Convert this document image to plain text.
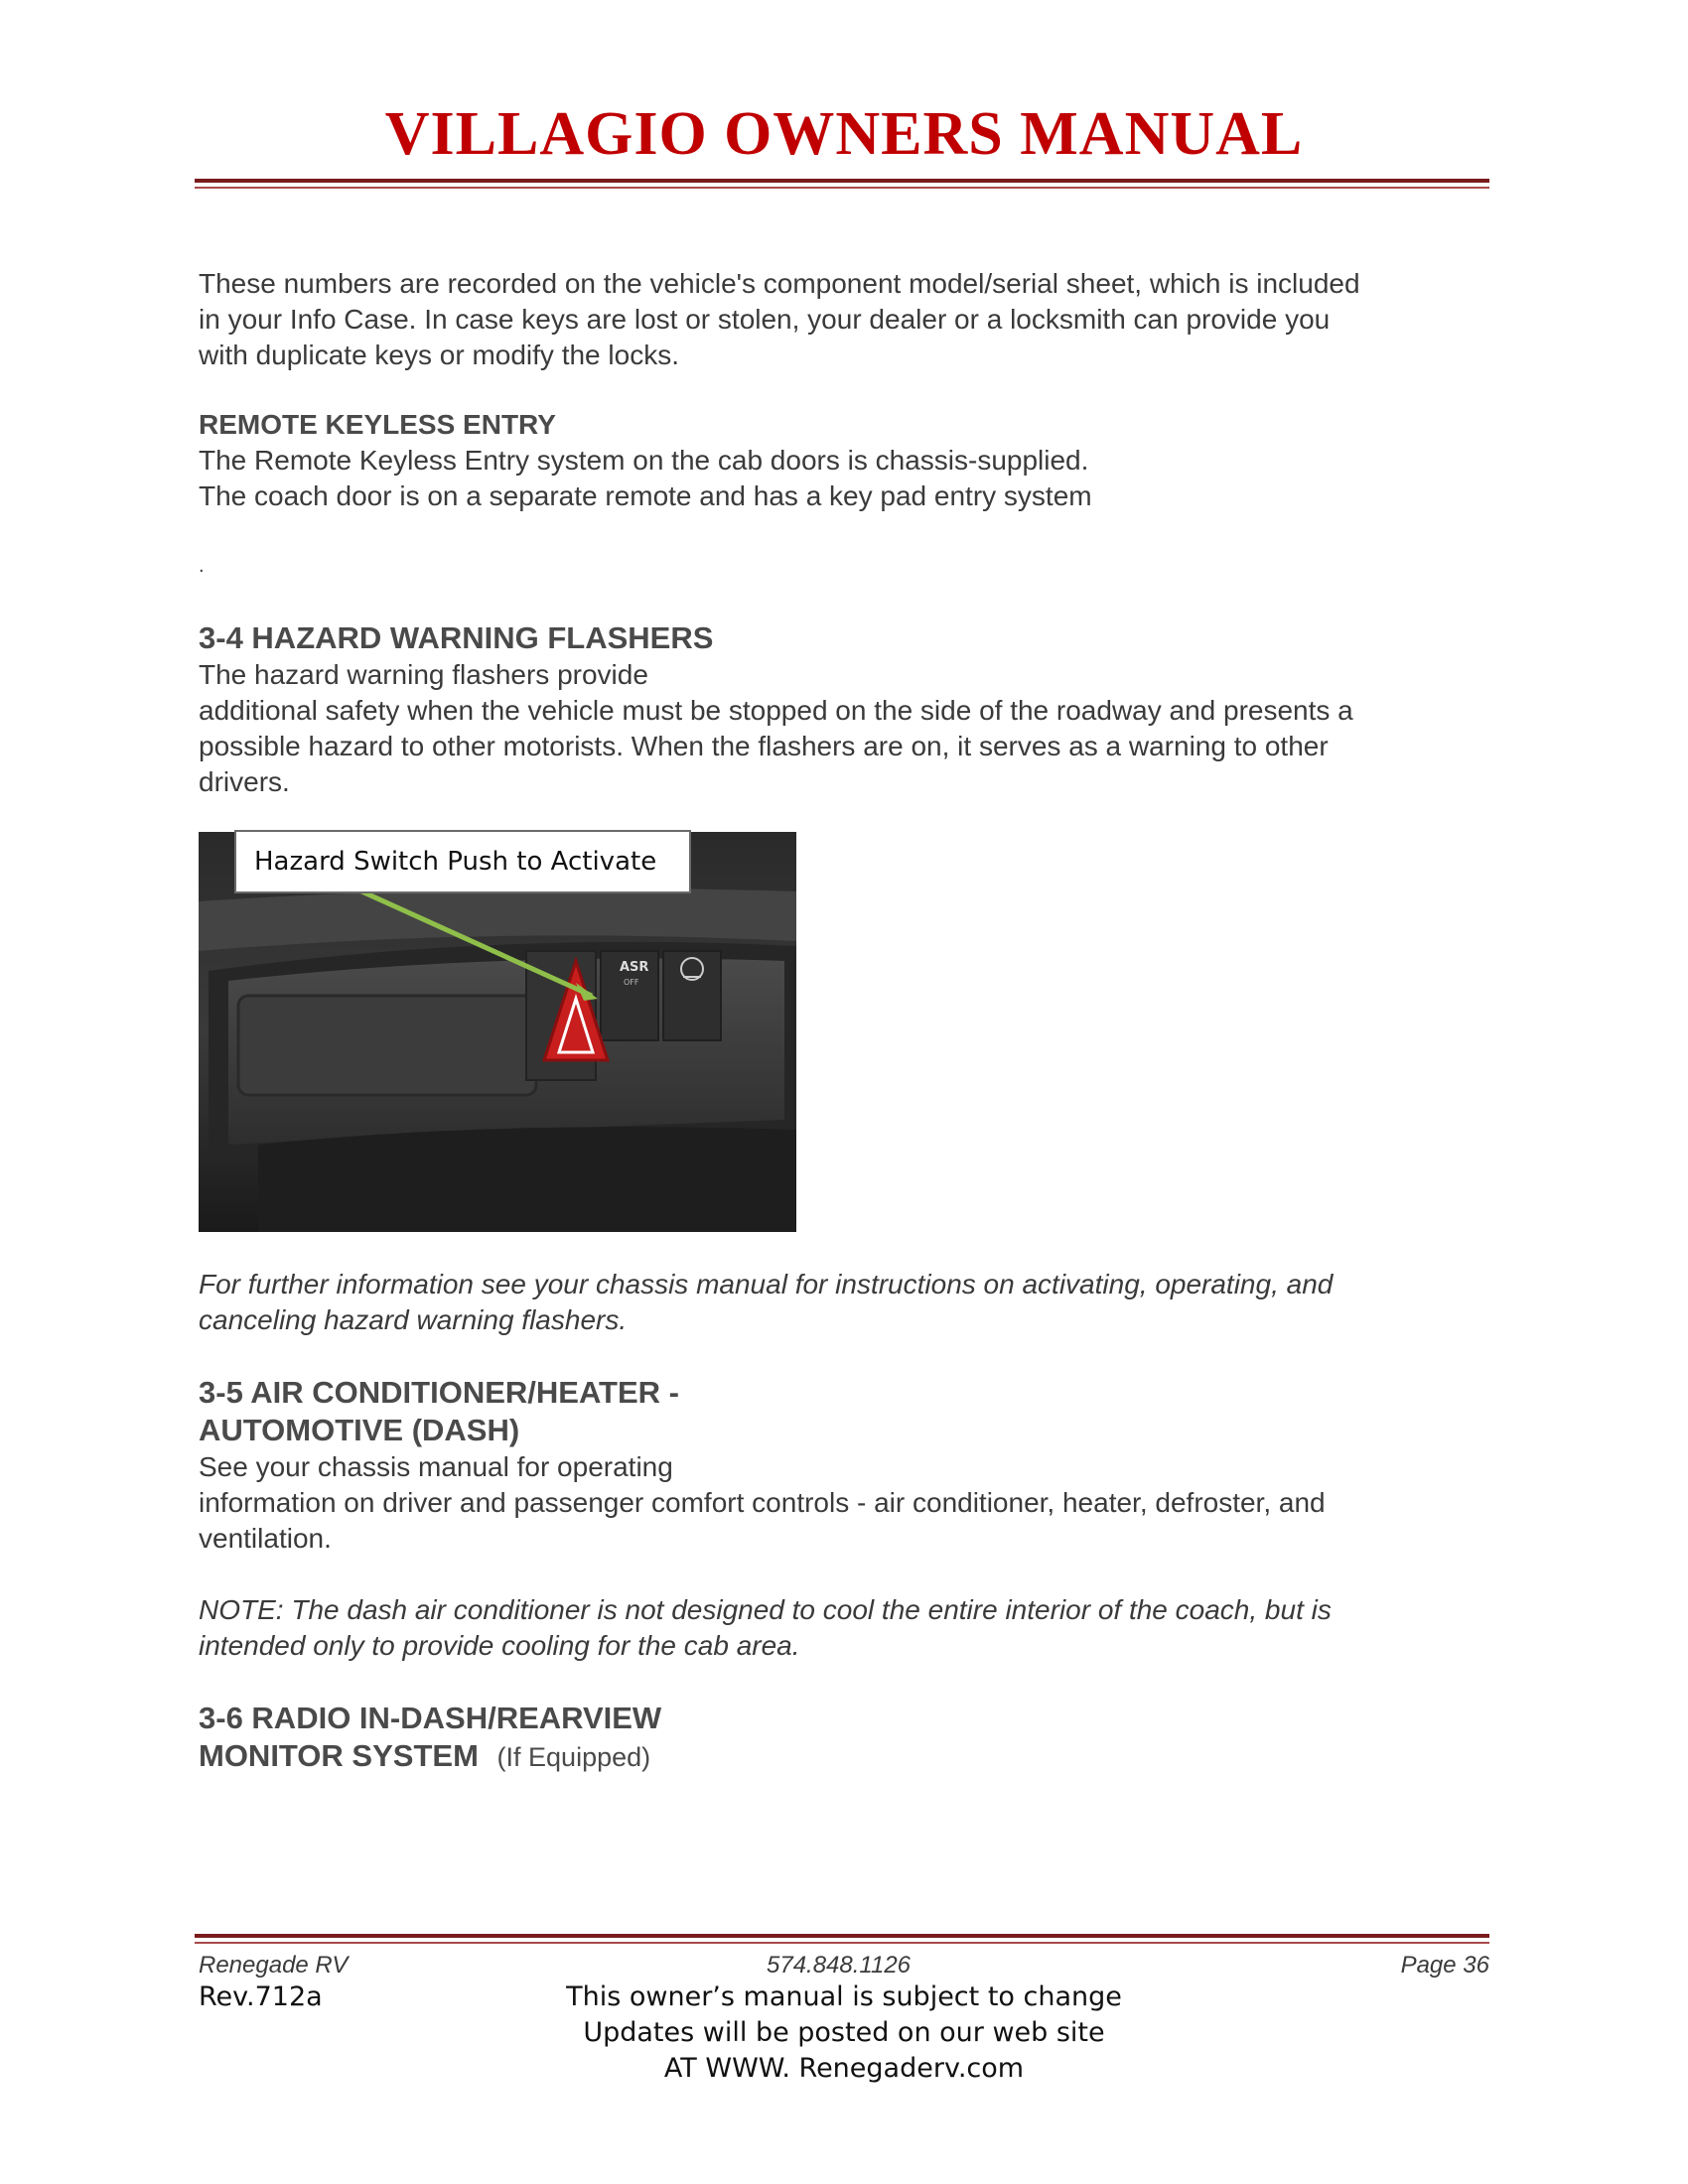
VILLAGIO OWNERS MANUAL
These numbers are recorded on the vehicle's component model/serial sheet, which is included
in your Info Case. In case keys are lost or stolen, your dealer or a locksmith can provide you
with duplicate keys or modify the locks.
REMOTE KEYLESS ENTRY
The Remote Keyless Entry system on the cab doors is chassis-supplied.
The coach door is on a separate remote and has a key pad entry system
.
3-4 HAZARD WARNING FLASHERS
The hazard warning flashers provide
additional safety when the vehicle must be stopped on the side of the roadway and presents a
possible hazard to other motorists. When the flashers are on, it serves as a warning to other
drivers.
ASR
OFF
Hazard Switch Push to Activate
For further information see your chassis manual for instructions on activating, operating, and
canceling hazard warning flashers.
3-5 AIR CONDITIONER/HEATER -
AUTOMOTIVE (DASH)
See your chassis manual for operating
information on driver and passenger comfort controls - air conditioner, heater, defroster, and
ventilation.
NOTE: The dash air conditioner is not designed to cool the entire interior of the coach, but is
intended only to provide cooling for the cab area.
3-6 RADIO IN-DASH/REARVIEW
MONITOR SYSTEM (If Equipped)
Renegade RV	574.848.1126	Page 36
Rev.712a	This owner’s manual is subject to change
Updates will be posted on our web site
AT WWW. Renegaderv.com
